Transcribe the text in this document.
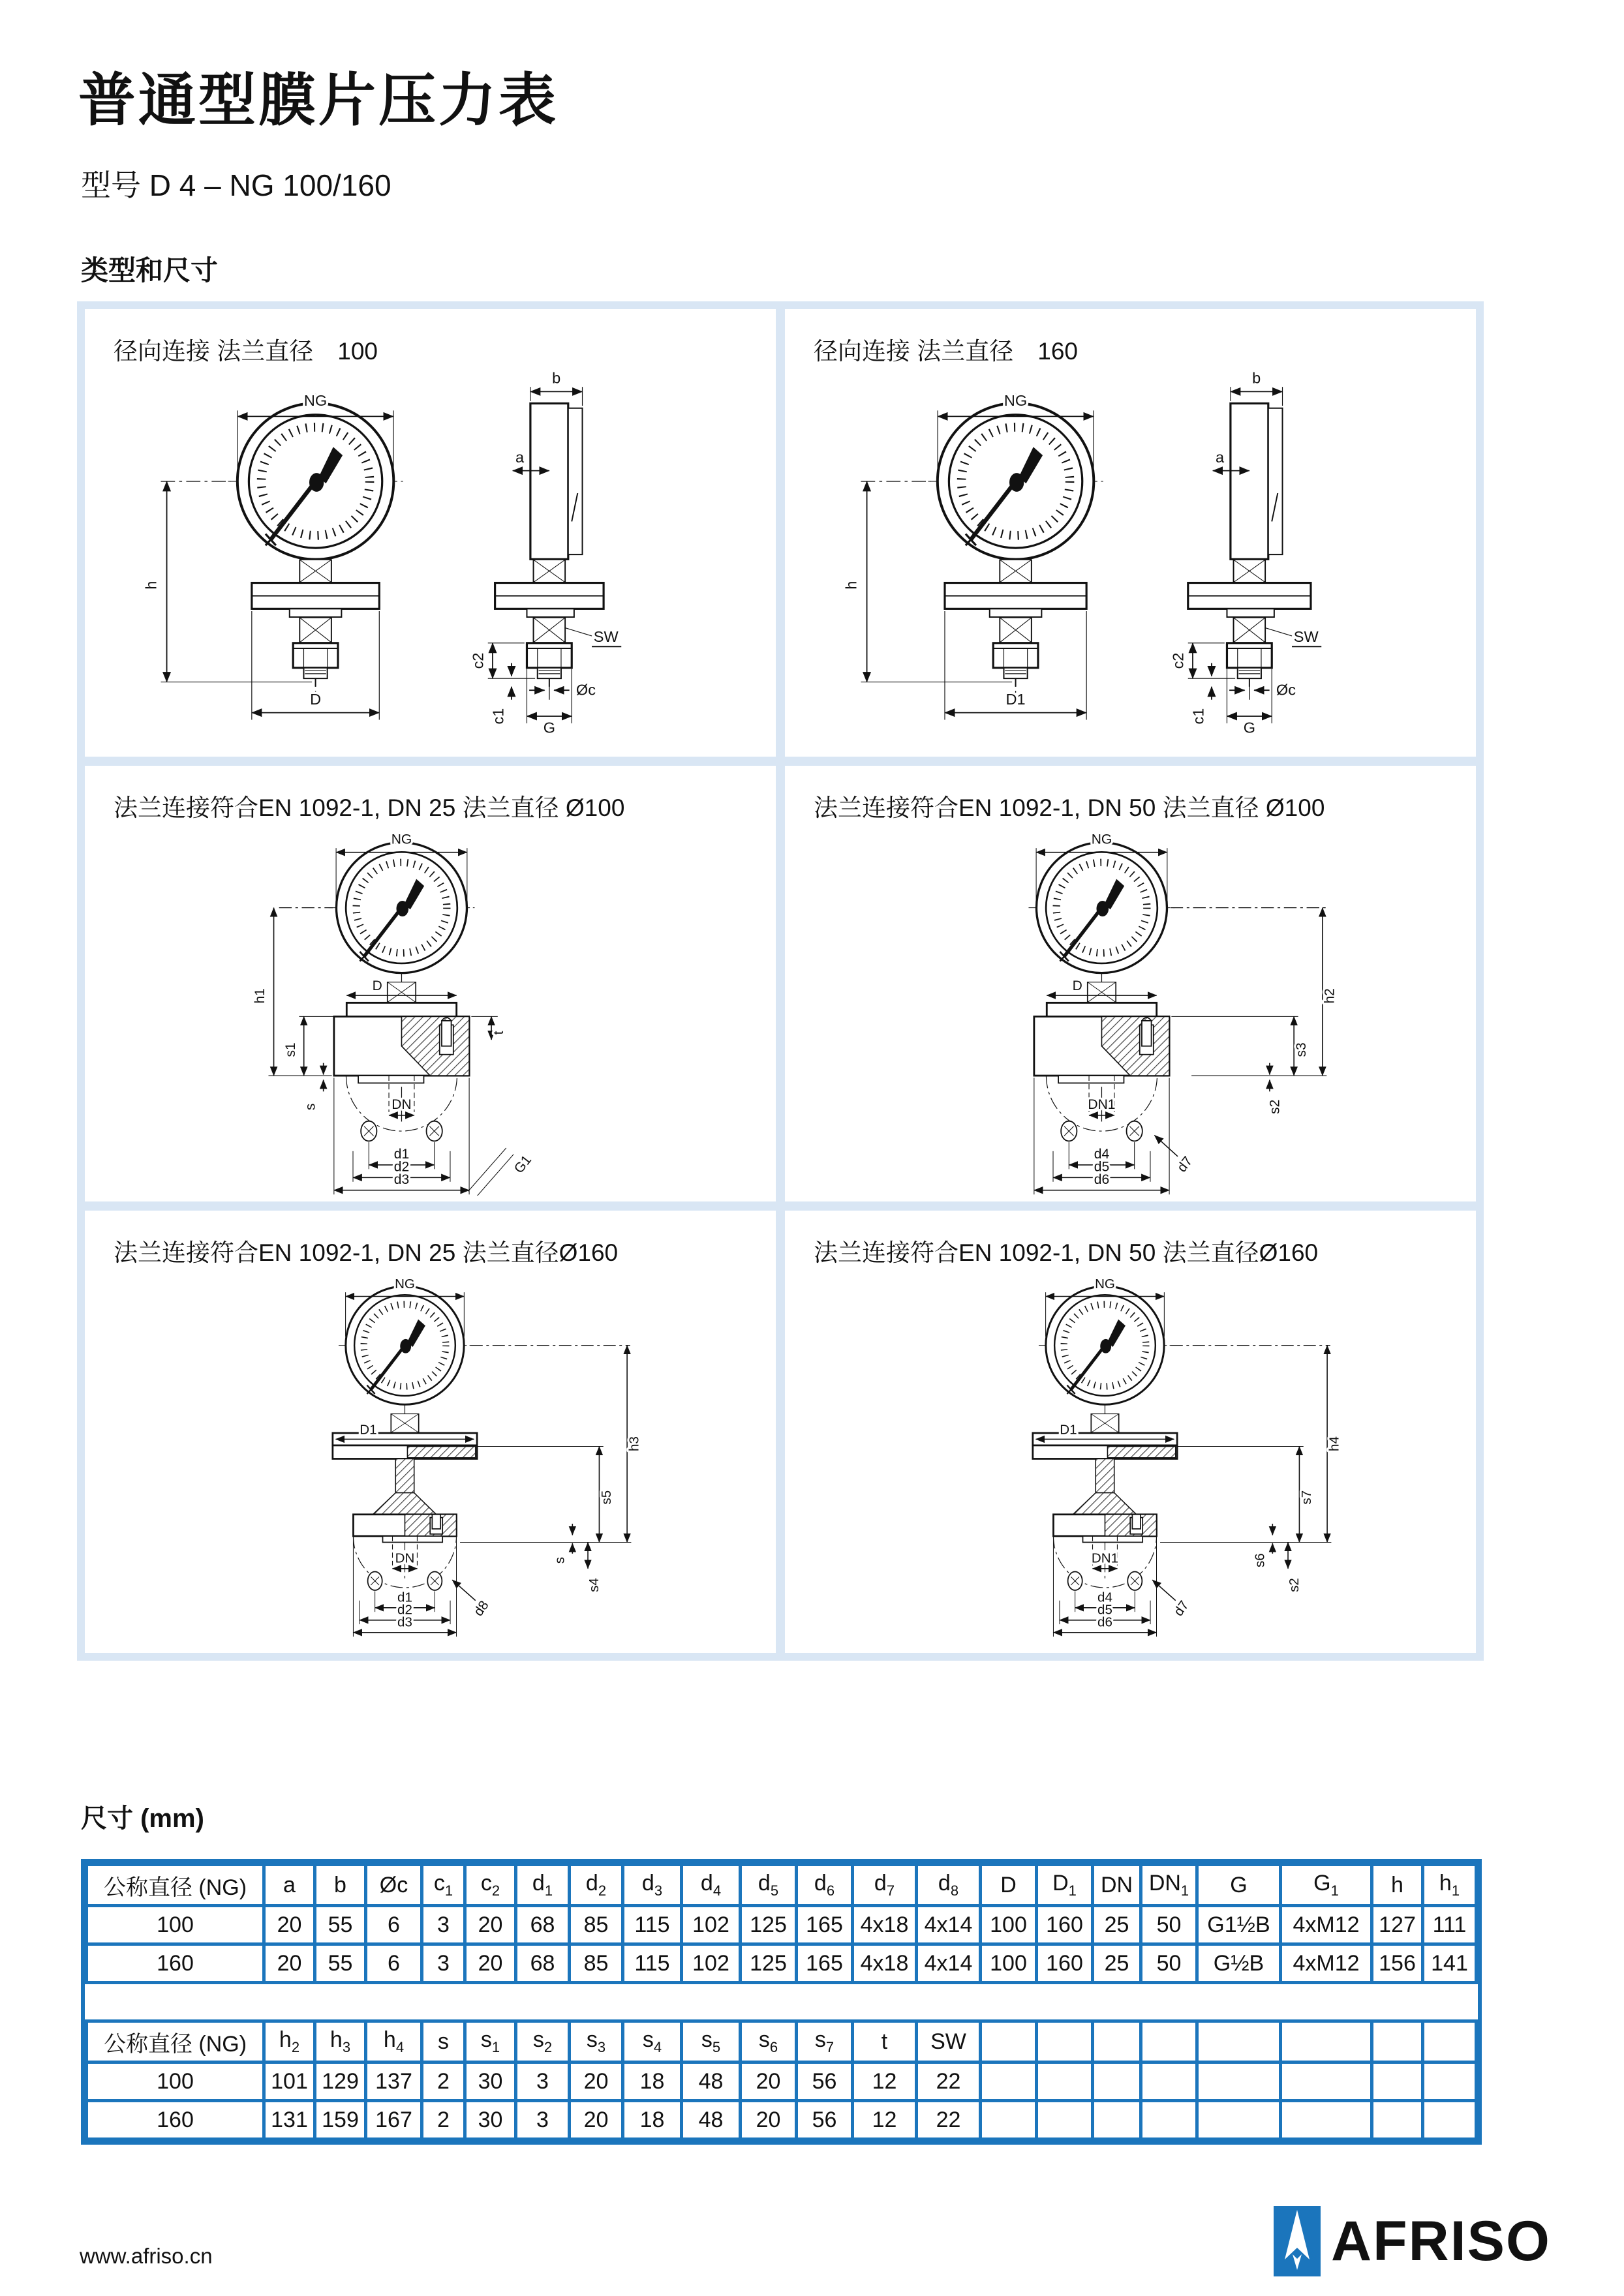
普通型膜片压力表
型号 D 4 – NG 100/160
类型和尺寸
径向连接 法兰直径　100
NG
h
D
b
a
SW
c2
c1
Øc
G
径向连接 法兰直径　160
NG
h
D1
b
a
SW
c2
c1
Øc
G
法兰连接符合EN 1092-1, DN 25 法兰直径 Ø100
NG
D
DN
d1
d2
d3
G1
t
h1
s1
s
法兰连接符合EN 1092-1, DN 50 法兰直径 Ø100
NG
D
DN1
d4
d5
d6
d7
h2
s3
s2
法兰连接符合EN 1092-1, DN 25 法兰直径Ø160
NG
D1
DN
d1
d2
d3
d8
h3
s5
s
s4
法兰连接符合EN 1092-1, DN 50 法兰直径Ø160
NG
D1
DN1
d4
d5
d6
d7
h4
s7
s6
s2
尺寸 (mm)
公称直径 (NG)	a	b	Øc	$c_1$	$c_2$	$d_1$	$d_2$	$d_3$	$d_4$	$d_5$	$d_6$	$d_7$	$d_8$	D	$D_1$	DN	$DN_1$	G	$G_1$	h	$h_1$
100	20	55	6	3	20	68	85	115	102	125	165	4x18	4x14	100	160	25	50	G1½B	4xM12	127	111
160	20	55	6	3	20	68	85	115	102	125	165	4x18	4x14	100	160	25	50	G½B	4xM12	156	141
公称直径 (NG)	$h_2$	$h_3$	$h_4$	s	$s_1$	$s_2$	$s_3$	$s_4$	$s_5$	$s_6$	$s_7$	t	SW								
100	101	129	137	2	30	3	20	18	48	20	56	12	22								
160	131	159	167	2	30	3	20	18	48	20	56	12	22								
www.afriso.cn	AFRISO
